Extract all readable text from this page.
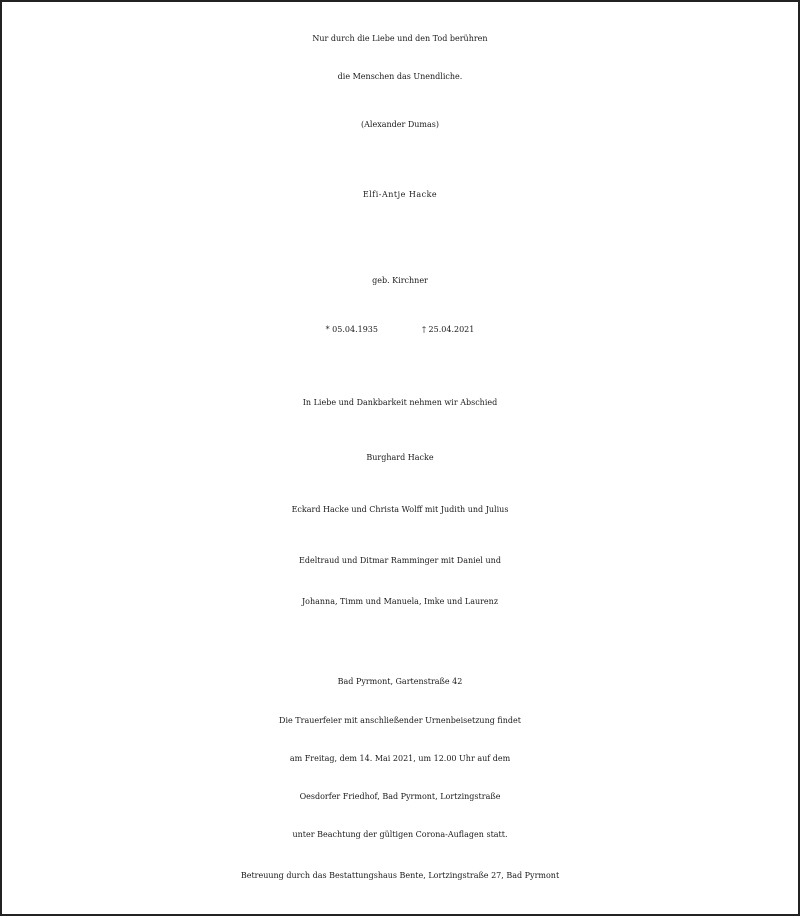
Nur durch die Liebe und den Tod berühren
die Menschen das Unendliche.
(Alexander Dumas)
Elfi-Antje Hacke
geb. Kirchner
* 05.04.1935	† 25.04.2021
In Liebe und Dankbarkeit nehmen wir Abschied
Burghard Hacke
Eckard Hacke und Christa Wolff mit Judith und Julius
Edeltraud und Ditmar Ramminger mit Daniel und
Johanna, Timm und Manuela, Imke und Laurenz
Bad Pyrmont, Gartenstraße 42
Die Trauerfeier mit anschließender Urnenbeisetzung findet
am Freitag, dem 14. Mai 2021, um 12.00 Uhr auf dem
Oesdorfer Friedhof, Bad Pyrmont, Lortzingstraße
unter Beachtung der gültigen Corona-Auflagen statt.
Betreuung durch das Bestattungshaus Bente, Lortzingstraße 27, Bad Pyrmont
